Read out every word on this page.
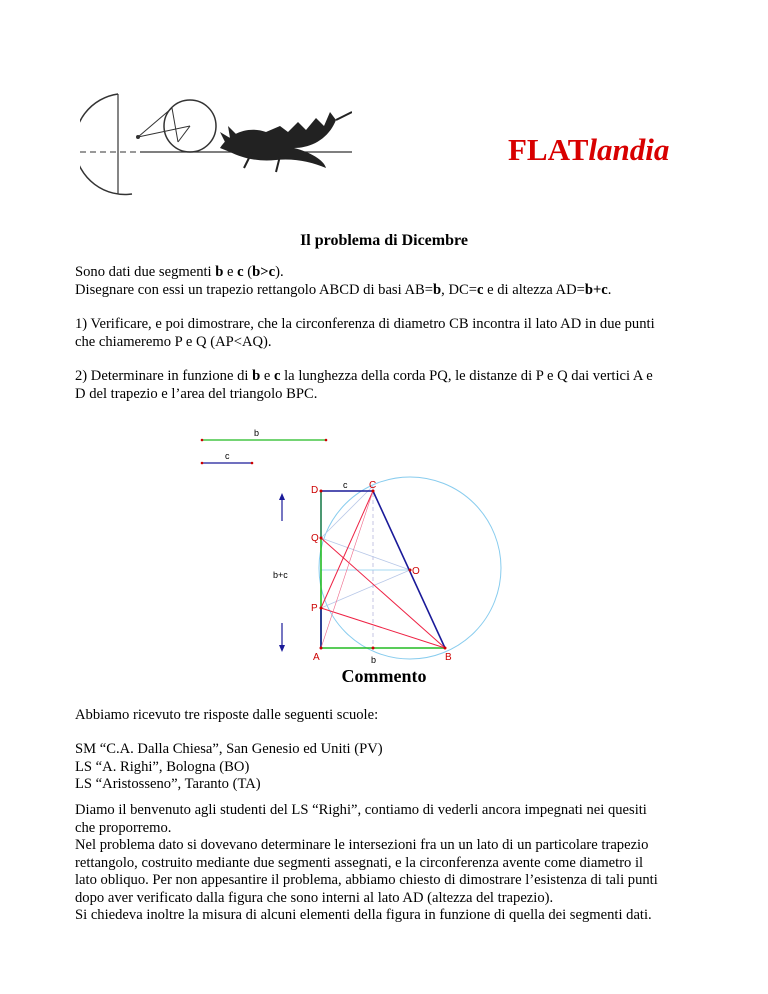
FLATlandia
Il problema di Dicembre
Sono dati due segmenti b e c (b>c).
Disegnare con essi un trapezio rettangolo ABCD di basi AB=b, DC=c e di altezza AD=b+c.
1) Verificare, e poi dimostrare, che la circonferenza di diametro CB incontra il lato AD in due punti
che chiameremo P e Q (AP<AQ).
2) Determinare in funzione di b e c la lunghezza della corda PQ, le distanze di P e Q dai vertici A e
D del trapezio e l’area del triangolo BPC.
b
c
D	C
c
Q
O
b+c
P
A	B
b
Commento
Abbiamo ricevuto tre risposte dalle seguenti scuole:
SM “C.A. Dalla Chiesa”, San Genesio ed Uniti (PV)
LS “A. Righi”, Bologna (BO)
LS “Aristosseno”, Taranto (TA)
Diamo il benvenuto agli studenti del LS “Righi”, contiamo di vederli ancora impegnati nei quesiti
che proporremo.
Nel problema dato si dovevano determinare le intersezioni fra un un lato di un particolare trapezio
rettangolo, costruito mediante due segmenti assegnati, e la circonferenza avente come diametro il
lato obliquo. Per non appesantire il problema, abbiamo chiesto di dimostrare l’esistenza di tali punti
dopo aver verificato dalla figura che sono interni al lato AD (altezza del trapezio).
Si chiedeva inoltre la misura di alcuni elementi della figura in funzione di quella dei segmenti dati.
